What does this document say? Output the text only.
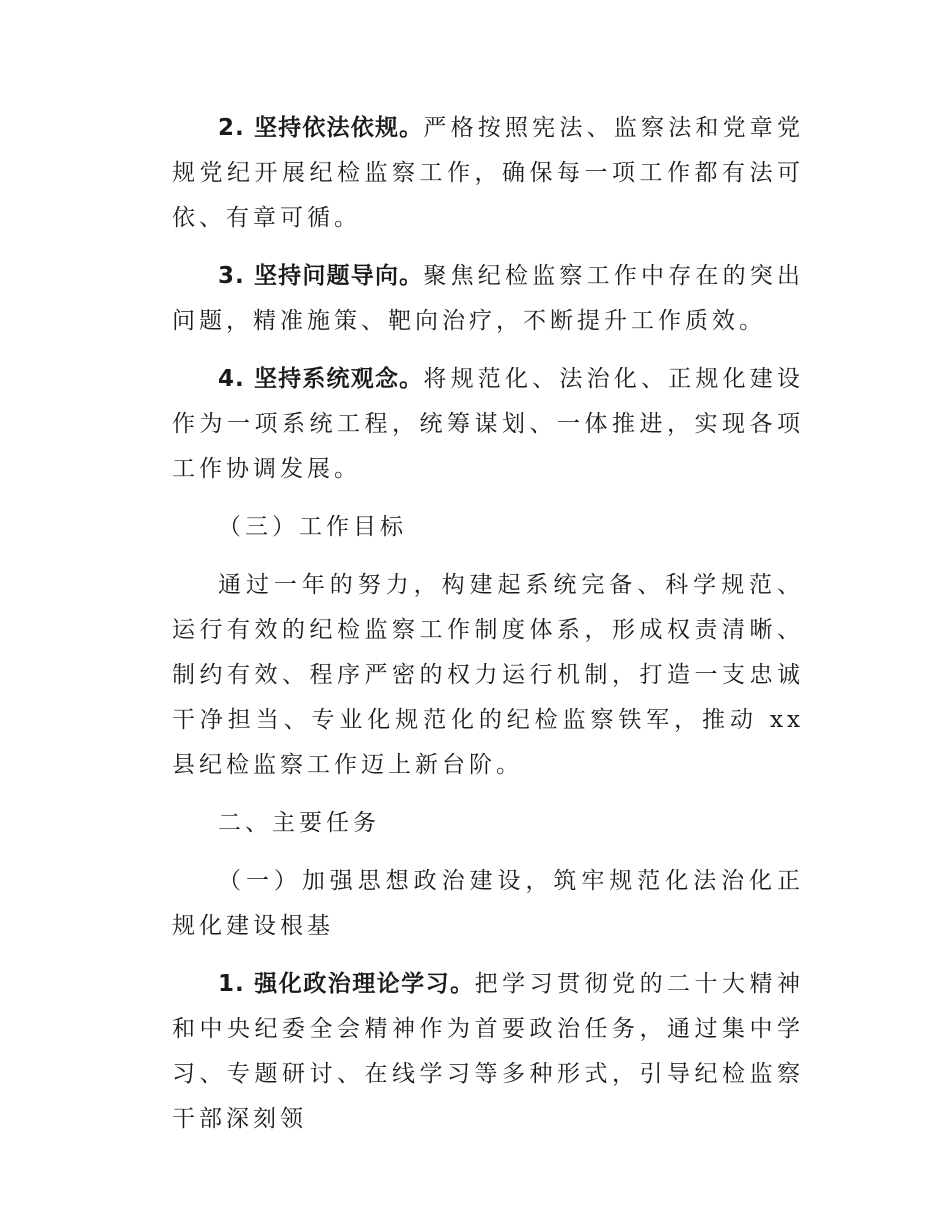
2. 坚持依法依规。严格按照宪法、监察法和党章党规党纪开展纪检监察工作，确保每一项工作都有法可依、有章可循。

3. 坚持问题导向。聚焦纪检监察工作中存在的突出问题，精准施策、靶向治疗，不断提升工作质效。

4. 坚持系统观念。将规范化、法治化、正规化建设作为一项系统工程，统筹谋划、一体推进，实现各项工作协调发展。

（三）工作目标

通过一年的努力，构建起系统完备、科学规范、运行有效的纪检监察工作制度体系，形成权责清晰、制约有效、程序严密的权力运行机制，打造一支忠诚干净担当、专业化规范化的纪检监察铁军，推动 xx 县纪检监察工作迈上新台阶。

二、主要任务

（一）加强思想政治建设，筑牢规范化法治化正规化建设根基

1. 强化政治理论学习。把学习贯彻党的二十大精神和中央纪委全会精神作为首要政治任务，通过集中学习、专题研讨、在线学习等多种形式，引导纪检监察干部深刻领
